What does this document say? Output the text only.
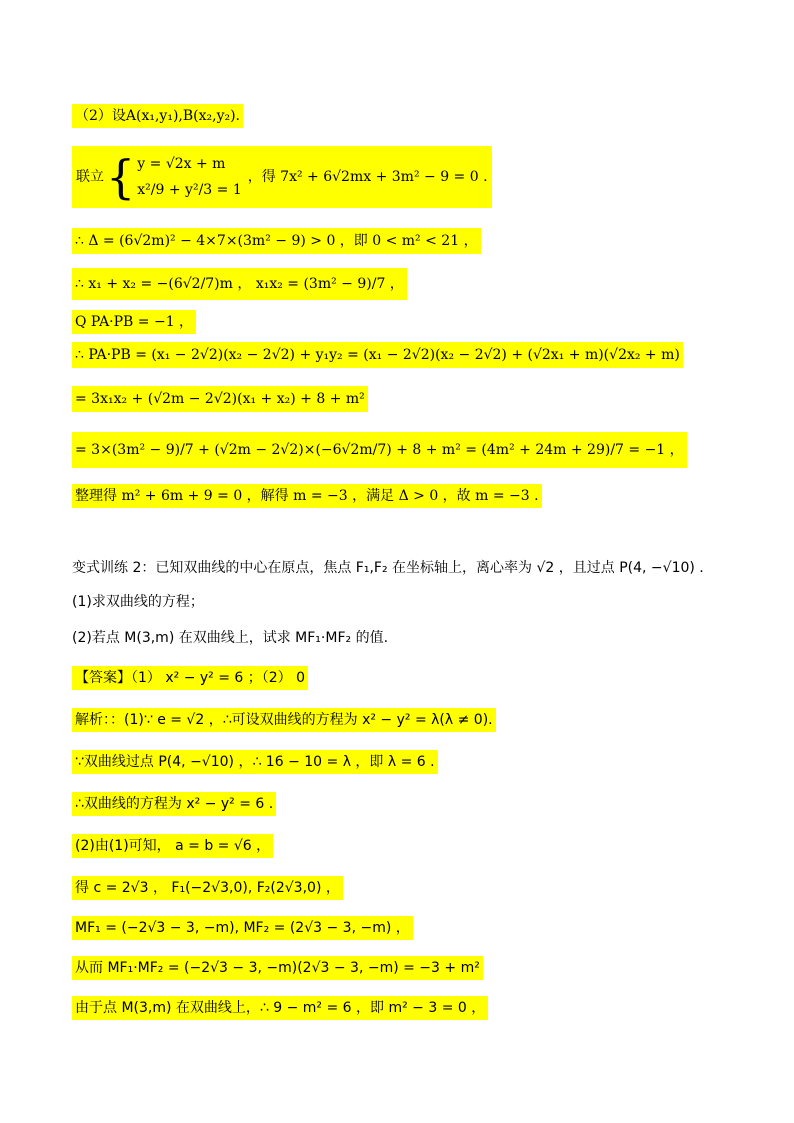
（2）设A(x₁,y₁),B(x₂,y₂).
联立 { y = √2x + m
x²/9 + y²/3 = 1
，得 7x² + 6√2mx + 3m² − 9 = 0 .
∴ Δ = (6√2m)² − 4×7×(3m² − 9) > 0 ，即 0 < m² < 21 ，
∴ x₁ + x₂ = −(6√2/7)m ， x₁x₂ = (3m² − 9)/7 ，
Q PA·PB = −1 ，
∴ PA·PB = (x₁ − 2√2)(x₂ − 2√2) + y₁y₂ = (x₁ − 2√2)(x₂ − 2√2) + (√2x₁ + m)(√2x₂ + m)
= 3x₁x₂ + (√2m − 2√2)(x₁ + x₂) + 8 + m²
= 3×(3m² − 9)/7 + (√2m − 2√2)×(−6√2m/7) + 8 + m² = (4m² + 24m + 29)/7 = −1 ，
整理得 m² + 6m + 9 = 0 ，解得 m = −3 ，满足 Δ > 0 ，故 m = −3 .
变式训练 2：已知双曲线的中心在原点，焦点 F₁,F₂ 在坐标轴上，离心率为 √2 ，且过点 P(4, −√10) .
(1)求双曲线的方程；
(2)若点 M(3,m) 在双曲线上，试求 MF₁·MF₂ 的值.
【答案】（1） x² − y² = 6 ；（2） 0
解析：：(1)∵ e = √2 ，∴可设双曲线的方程为 x² − y² = λ(λ ≠ 0).
∵双曲线过点 P(4, −√10) ，∴ 16 − 10 = λ ，即 λ = 6 .
∴双曲线的方程为 x² − y² = 6 .
(2)由(1)可知， a = b = √6 ，
得 c = 2√3 ， F₁(−2√3,0), F₂(2√3,0) ，
MF₁ = (−2√3 − 3, −m), MF₂ = (2√3 − 3, −m) ，
从而 MF₁·MF₂ = (−2√3 − 3, −m)(2√3 − 3, −m) = −3 + m²
由于点 M(3,m) 在双曲线上，∴ 9 − m² = 6 ，即 m² − 3 = 0 ，
